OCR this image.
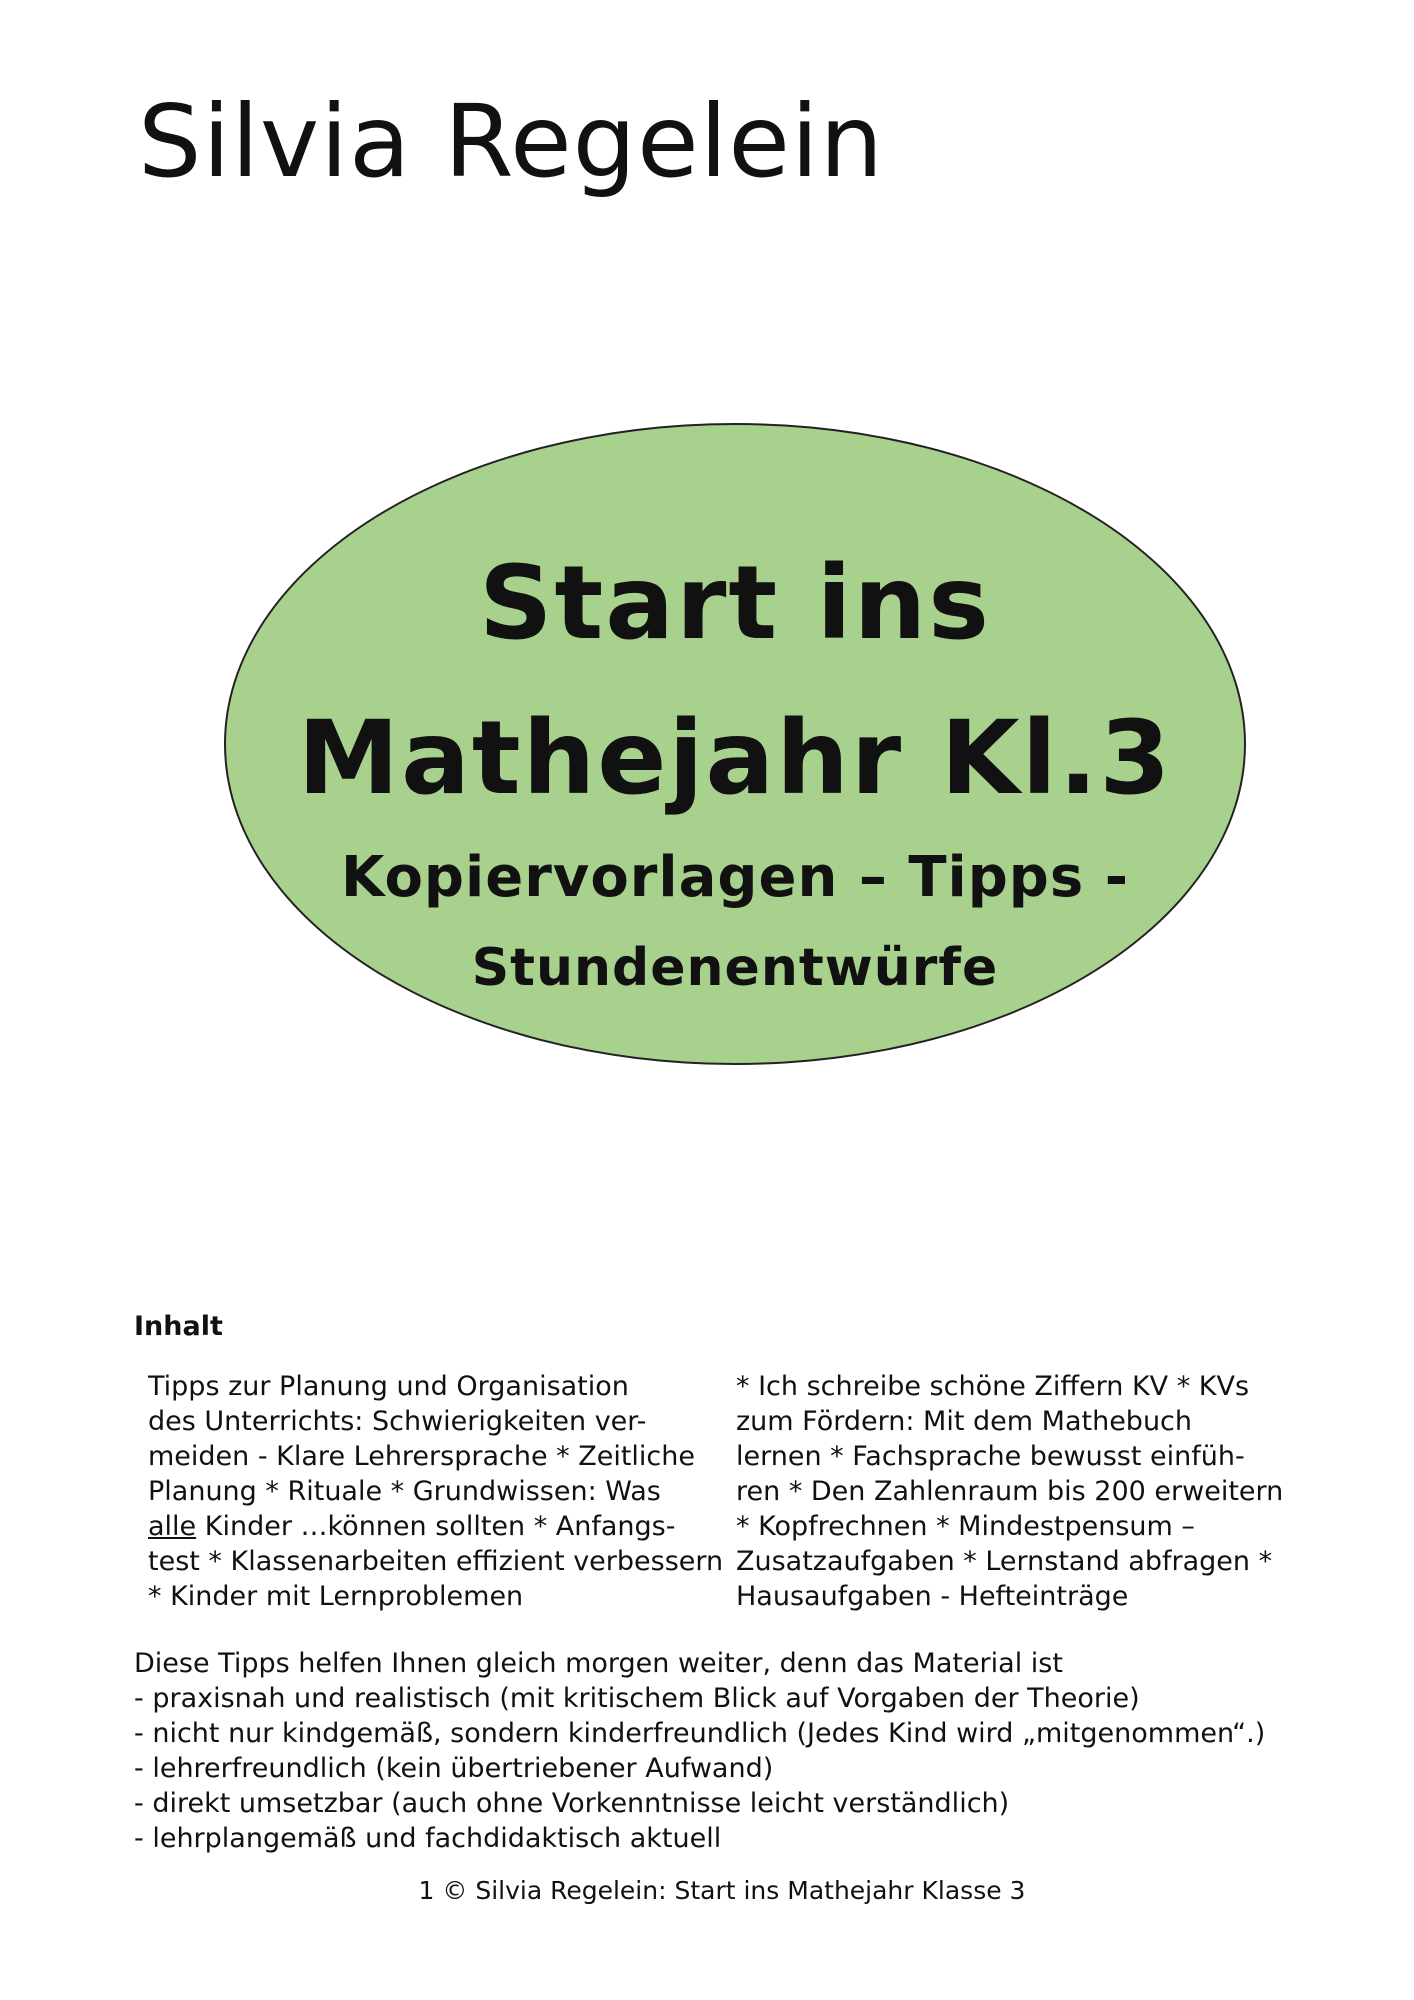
Silvia Regelein
Start ins
Mathejahr Kl.3
Kopiervorlagen – Tipps -
Stundenentwürfe
Inhalt
Tipps zur Planung und Organisation
des Unterrichts: Schwierigkeiten ver-
meiden - Klare Lehrersprache * Zeitliche
Planung * Rituale * Grundwissen: Was
alle Kinder …können sollten * Anfangs-
test * Klassenarbeiten effizient verbessern
* Kinder mit Lernproblemen
* Ich schreibe schöne Ziffern KV * KVs
zum Fördern: Mit dem Mathebuch
lernen * Fachsprache bewusst einfüh-
ren * Den Zahlenraum bis 200 erweitern
* Kopfrechnen * Mindestpensum –
Zusatzaufgaben * Lernstand abfragen *
Hausaufgaben - Hefteinträge
Diese Tipps helfen Ihnen gleich morgen weiter, denn das Material ist
- praxisnah und realistisch (mit kritischem Blick auf Vorgaben der Theorie)
- nicht nur kindgemäß, sondern kinderfreundlich (Jedes Kind wird „mitgenommen“.)
- lehrerfreundlich (kein übertriebener Aufwand)
- direkt umsetzbar (auch ohne Vorkenntnisse leicht verständlich)
- lehrplangemäß und fachdidaktisch aktuell
1 © Silvia Regelein: Start ins Mathejahr Klasse 3
